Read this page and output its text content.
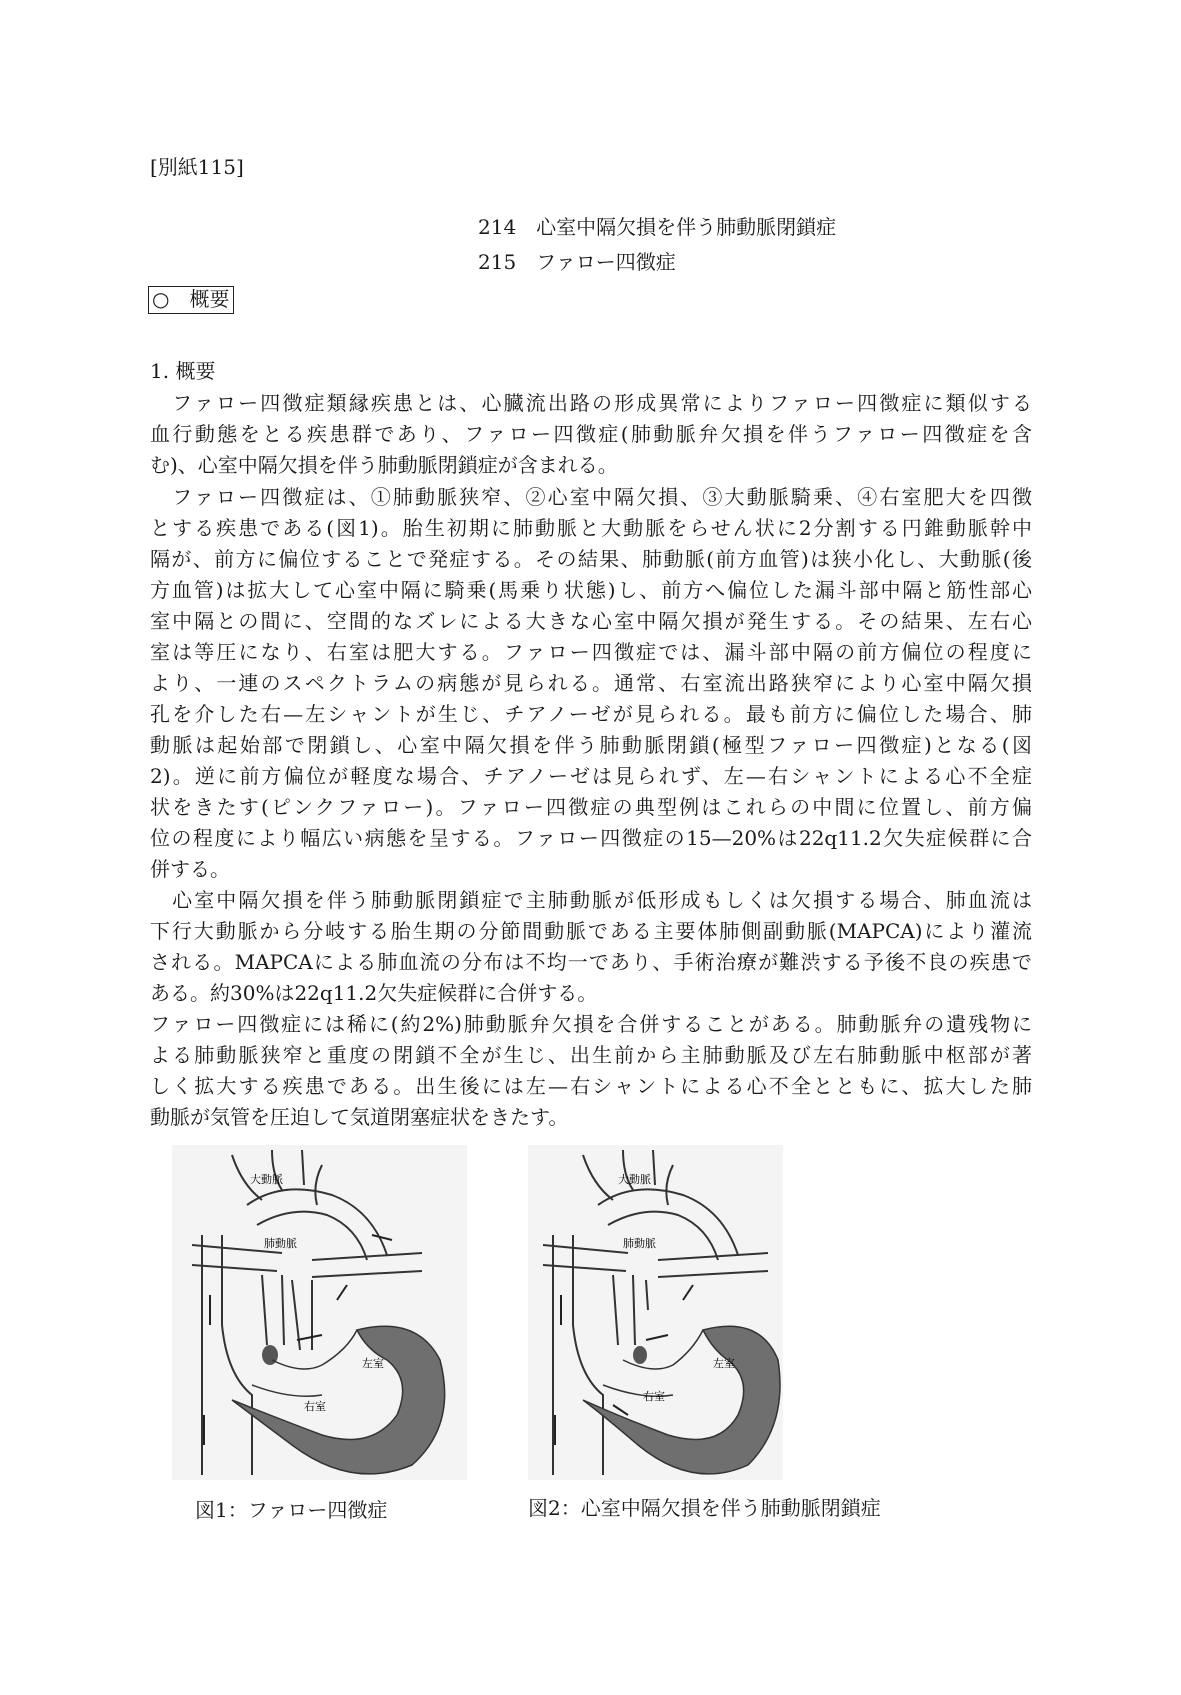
[別紙115]
214　心室中隔欠損を伴う肺動脈閉鎖症
215　ファロー四徴症
○　概要
1. 概要
　ファロー四徴症類縁疾患とは、心臓流出路の形成異常によりファロー四徴症に類似する
血行動態をとる疾患群であり、ファロー四徴症(肺動脈弁欠損を伴うファロー四徴症を含
む)、心室中隔欠損を伴う肺動脈閉鎖症が含まれる。
　ファロー四徴症は、①肺動脈狭窄、②心室中隔欠損、③大動脈騎乗、④右室肥大を四徴
とする疾患である(図1)。胎生初期に肺動脈と大動脈をらせん状に2分割する円錐動脈幹中
隔が、前方に偏位することで発症する。その結果、肺動脈(前方血管)は狭小化し、大動脈(後
方血管)は拡大して心室中隔に騎乗(馬乗り状態)し、前方へ偏位した漏斗部中隔と筋性部心
室中隔との間に、空間的なズレによる大きな心室中隔欠損が発生する。その結果、左右心
室は等圧になり、右室は肥大する。ファロー四徴症では、漏斗部中隔の前方偏位の程度に
より、一連のスペクトラムの病態が見られる。通常、右室流出路狭窄により心室中隔欠損
孔を介した右—左シャントが生じ、チアノーゼが見られる。最も前方に偏位した場合、肺
動脈は起始部で閉鎖し、心室中隔欠損を伴う肺動脈閉鎖(極型ファロー四徴症)となる(図
2)。逆に前方偏位が軽度な場合、チアノーゼは見られず、左—右シャントによる心不全症
状をきたす(ピンクファロー)。ファロー四徴症の典型例はこれらの中間に位置し、前方偏
位の程度により幅広い病態を呈する。ファロー四徴症の15—20%は22q11.2欠失症候群に合
併する。
　心室中隔欠損を伴う肺動脈閉鎖症で主肺動脈が低形成もしくは欠損する場合、肺血流は
下行大動脈から分岐する胎生期の分節間動脈である主要体肺側副動脈(MAPCA)により灌流
される。MAPCAによる肺血流の分布は不均一であり、手術治療が難渋する予後不良の疾患で
ある。約30%は22q11.2欠失症候群に合併する。
ファロー四徴症には稀に(約2%)肺動脈弁欠損を合併することがある。肺動脈弁の遺残物に
よる肺動脈狭窄と重度の閉鎖不全が生じ、出生前から主肺動脈及び左右肺動脈中枢部が著
しく拡大する疾患である。出生後には左—右シャントによる心不全とともに、拡大した肺
動脈が気管を圧迫して気道閉塞症状をきたす。
大動脈
肺動脈
左室
右室
図1：ファロー四徴症
大動脈
肺動脈
左室
右室
図2：心室中隔欠損を伴う肺動脈閉鎖症
